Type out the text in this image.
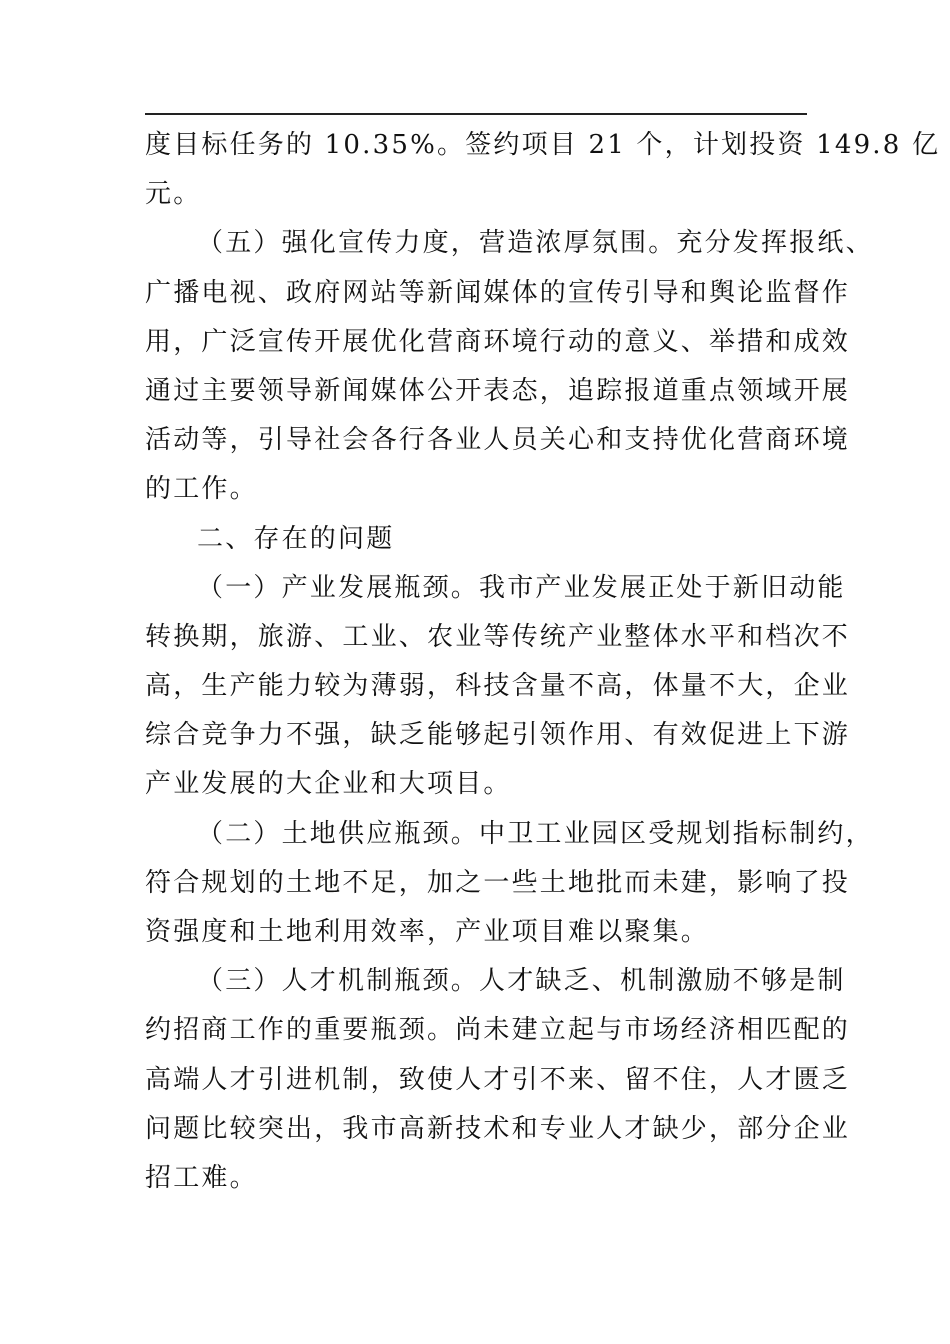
度目标任务的 10.35%。签约项目 21 个，计划投资 149.8 亿
元。
（五）强化宣传力度，营造浓厚氛围。充分发挥报纸、
广播电视、政府网站等新闻媒体的宣传引导和舆论监督作
用，广泛宣传开展优化营商环境行动的意义、举措和成效
通过主要领导新闻媒体公开表态，追踪报道重点领域开展
活动等，引导社会各行各业人员关心和支持优化营商环境
的工作。
二、存在的问题
（一）产业发展瓶颈。我市产业发展正处于新旧动能
转换期，旅游、工业、农业等传统产业整体水平和档次不
高，生产能力较为薄弱，科技含量不高，体量不大，企业
综合竞争力不强，缺乏能够起引领作用、有效促进上下游
产业发展的大企业和大项目。
（二）土地供应瓶颈。中卫工业园区受规划指标制约，
符合规划的土地不足，加之一些土地批而未建，影响了投
资强度和土地利用效率，产业项目难以聚集。
（三）人才机制瓶颈。人才缺乏、机制激励不够是制
约招商工作的重要瓶颈。尚未建立起与市场经济相匹配的
高端人才引进机制，致使人才引不来、留不住，人才匮乏
问题比较突出，我市高新技术和专业人才缺少，部分企业
招工难。
